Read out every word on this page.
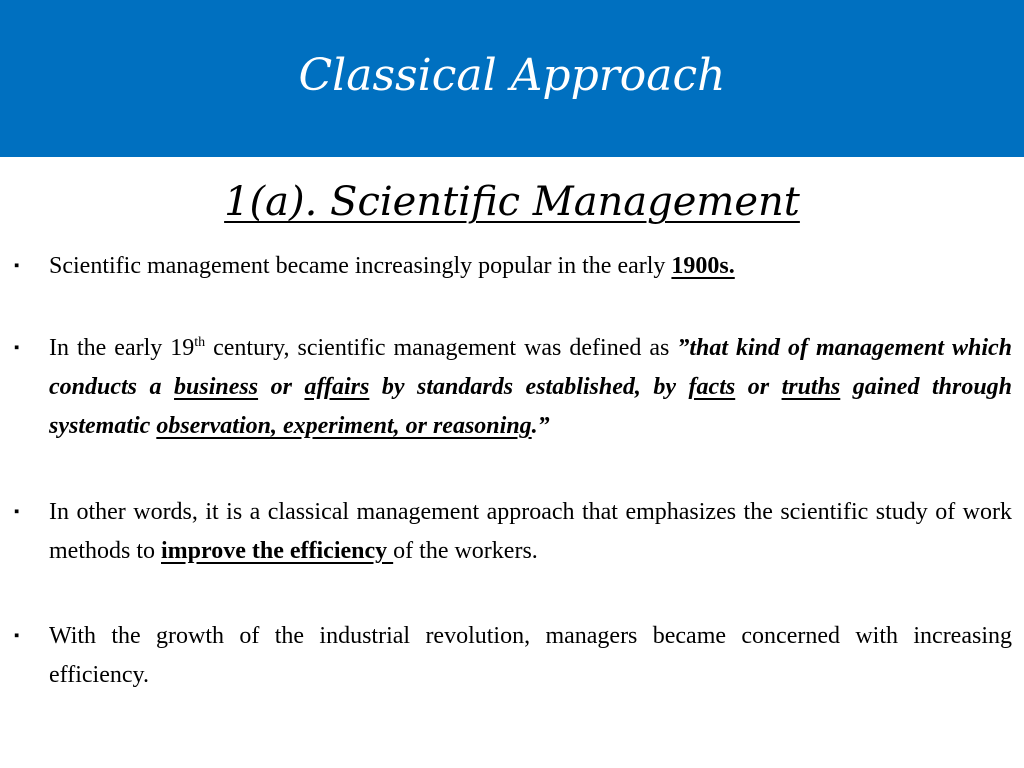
Classical Approach
1(a). Scientific Management
▪ Scientific management became increasingly popular in the early 1900s.
▪ In the early 19th century, scientific management was defined as ”that kind of management which conducts a business or affairs by standards established, by facts or truths gained through systematic observation, experiment, or reasoning.”
▪ In other words, it is a classical management approach that emphasizes the scientific study of work methods to improve the efficiency of the workers.
▪ With the growth of the industrial revolution, managers became concerned with increasing efficiency.
